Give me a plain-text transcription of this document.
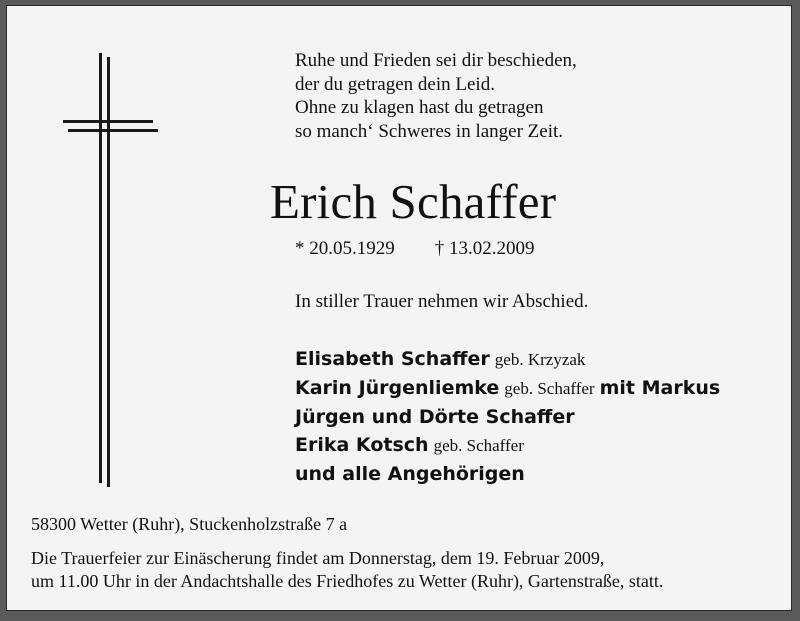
Ruhe und Frieden sei dir beschieden,
der du getragen dein Leid.
Ohne zu klagen hast du getragen
so manch‘ Schweres in langer Zeit.
Erich Schaffer
* 20.05.1929 † 13.02.2009
In stiller Trauer nehmen wir Abschied.
Elisabeth Schaffer geb. Krzyzak
Karin Jürgenliemke geb. Schaffer mit Markus
Jürgen und Dörte Schaffer
Erika Kotsch geb. Schaffer
und alle Angehörigen
58300 Wetter (Ruhr), Stuckenholzstraße 7 a
Die Trauerfeier zur Einäscherung findet am Donnerstag, dem 19. Februar 2009,
um 11.00 Uhr in der Andachtshalle des Friedhofes zu Wetter (Ruhr), Gartenstraße, statt.
